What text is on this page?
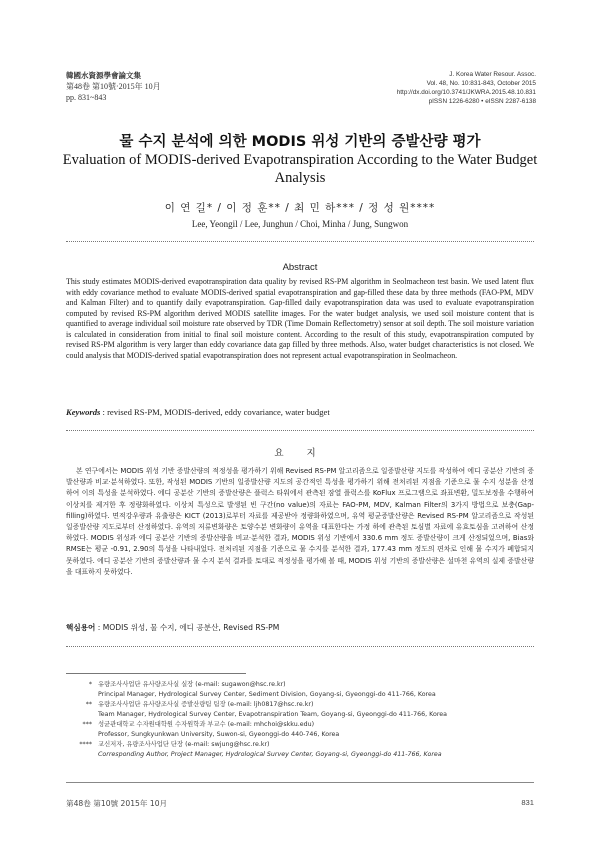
韓國水資源學會論文集
第48卷 第10號·2015年 10月
pp. 831~843
J. Korea Water Resour. Assoc.
Vol. 48, No. 10:831-843, October 2015
http://dx.doi.org/10.3741/JKWRA.2015.48.10.831
pISSN 1226-6280 • eISSN 2287-6138
물 수지 분석에 의한 MODIS 위성 기반의 증발산량 평가
Evaluation of MODIS-derived Evapotranspiration According to the Water Budget
Analysis
이 연 길* / 이 정 훈** / 최 민 하*** / 정 성 원****
Lee, Yeongil / Lee, Junghun / Choi, Minha / Jung, Sungwon
Abstract
This study estimates MODIS-derived evapotranspiration data quality by revised RS-PM algorithm in Seolmacheon test basin. We used latent flux with eddy covariance method to evaluate MODIS-derived spatial evapotranspiration and gap-filled these data by three methods (FAO-PM, MDV and Kalman Filter) and to quantify daily evapotranspiration. Gap-filled daily evapotranspiration data was used to evaluate evapotranspiration computed by revised RS-PM algorithm derived MODIS satellite images. For the water budget analysis, we used soil moisture content that is quantified to average individual soil moisture rate observed by TDR (Time Domain Reflectometry) sensor at soil depth. The soil moisture variation is calculated in consideration from initial to final soil moisture content. According to the result of this study, evapotranspiration computed by revised RS-PM algorithm is very larger than eddy covariance data gap filled by three methods. Also, water budget characteristics is not closed. We could analysis that MODIS-derived spatial evapotranspiration does not represent actual evapotranspiration in Seolmacheon.
Keywords : revised RS-PM, MODIS-derived, eddy covariance, water budget
요 지
본 연구에서는 MODIS 위성 기반 증발산량의 적정성을 평가하기 위해 Revised RS-PM 알고리즘으로 일증발산량 지도를 작성하여 에디 공분산 기반의 증발산량과 비교·분석하였다. 또한, 작성된 MODIS 기반의 일증발산량 지도의 공간적인 특성을 평가하기 위해 전처리된 지점을 기준으로 물 수지 성분을 산정하여 이의 특성을 분석하였다. 에디 공분산 기반의 증발산량은 플럭스 타워에서 관측된 잠열 플럭스를 KoFlux 프로그램으로 좌표변환, 밀도보정을 수행하여 이상치를 제거한 후 정량화하였다. 이상치 특성으로 발생된 빈 구간(no value)의 자료는 FAO-PM, MDV, Kalman Filter의 3가지 방법으로 보충(Gap-filling)하였다. 면적강우량과 유출량은 KICT (2013)로부터 자료를 제공받아 정량화하였으며, 유역 평균증발산량은 Revised RS-PM 알고리즘으로 작성된 일증발산량 지도로부터 산정하였다. 유역의 저류변화량은 토양수분 변화량이 유역을 대표한다는 가정 하에 관측된 토심별 자료에 유효토심을 고려하여 산정하였다. MODIS 위성과 에디 공분산 기반의 증발산량을 비교·분석한 결과, MODIS 위성 기반에서 330.6 mm 정도 증발산량이 크게 산정되었으며, Bias와 RMSE는 평균 -0.91, 2.90의 특성을 나타내었다. 전처리된 지점을 기준으로 물 수지를 분석한 결과, 177.43 mm 정도의 편차로 인해 물 수지가 폐합되지 못하였다. 에디 공분산 기반의 증발산량과 물 수지 분석 결과를 토대로 적정성을 평가해 볼 때, MODIS 위성 기반의 증발산량은 설마천 유역의 실제 증발산량을 대표하지 못하였다.
핵심용어 : MODIS 위성, 물 수지, 에디 공분산, Revised RS-PM
* 유량조사사업단 유사량조사실 실장 (e-mail: sugawon@hsc.re.kr)
Principal Manager, Hydrological Survey Center, Sediment Division, Goyang-si, Gyeonggi-do 411-766, Korea
** 유량조사사업단 유사량조사실 증발산량팀 팀장 (e-mail: ljh0817@hsc.re.kr)
Team Manager, Hydrological Survey Center, Evapotranspiration Team, Goyang-si, Gyeonggi-do 411-766, Korea
*** 성균관대학교 수자원대학원 수자원학과 부교수 (e-mail: mhchoi@skku.edu)
Professor, Sungkyunkwan University, Suwon-si, Gyeonggi-do 440-746, Korea
**** 교신저자, 유량조사사업단 단장 (e-mail: swjung@hsc.re.kr)
Corresponding Author, Project Manager, Hydrological Survey Center, Goyang-si, Gyeonggi-do 411-766, Korea
第48卷 第10號 2015年 10月	831
